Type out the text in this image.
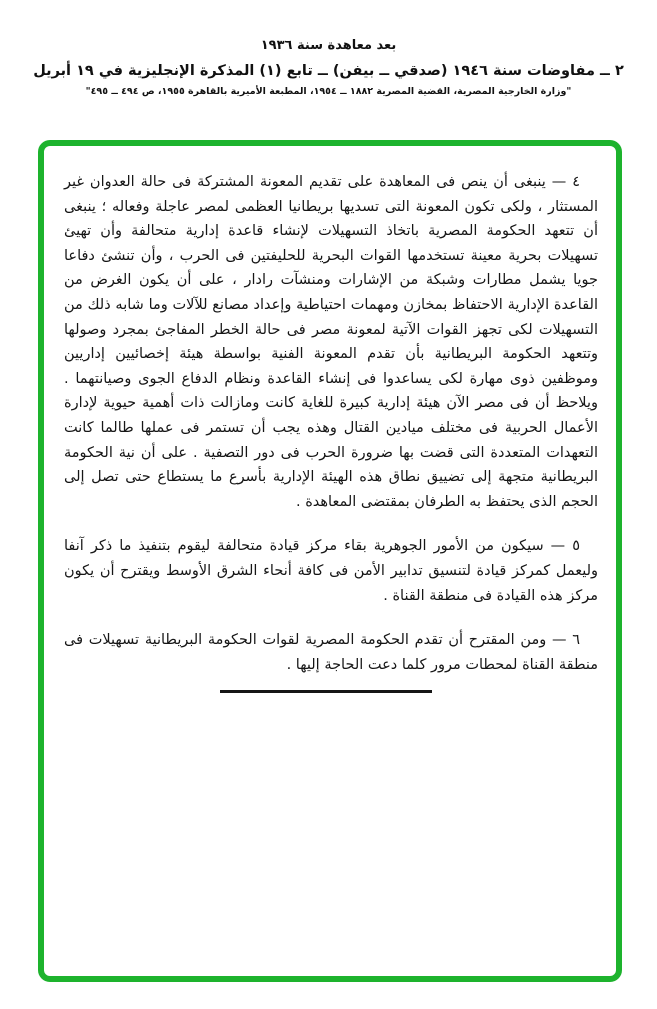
بعد معاهدة سنة ١٩٣٦

٢ ــ مفاوضات سنة ١٩٤٦ (صدقي ــ بيفن) ــ تابع (١) المذكرة الإنجليزية في ١٩ أبريل

"وزارة الخارجية المصرية، القضية المصرية ١٨٨٢ ــ ١٩٥٤، المطبعة الأميرية بالقاهرة ١٩٥٥، ص ٤٩٤ ــ ٤٩٥"

٤ — ينبغى أن ينص فى المعاهدة على تقديم المعونة المشتركة فى حالة العدوان غير المستثار ، ولكى تكون المعونة التى تسديها بريطانيا العظمى لمصر عاجلة وفعاله ؛ ينبغى أن تتعهد الحكومة المصرية باتخاذ التسهيلات لإنشاء قاعدة إدارية متحالفة وأن تهيئ تسهيلات بحرية معينة تستخدمها القوات البحرية للحليفتين فى الحرب ، وأن تنشئ دفاعا جويا يشمل مطارات وشبكة من الإشارات ومنشآت رادار ، على أن يكون الغرض من القاعدة الإدارية الاحتفاظ بمخازن ومهمات احتياطية وإعداد مصانع للآلات وما شابه ذلك من التسهيلات لكى تجهز القوات الآتية لمعونة مصر فى حالة الخطر المفاجئ بمجرد وصولها وتتعهد الحكومة البريطانية بأن تقدم المعونة الفنية بواسطة هيئة إخصائيين إداريين وموظفين ذوى مهارة لكى يساعدوا فى إنشاء القاعدة ونظام الدفاع الجوى وصيانتهما . ويلاحظ أن فى مصر الآن هيئة إدارية كبيرة للغاية كانت ومازالت ذات أهمية حيوية لإدارة الأعمال الحربية فى مختلف ميادين القتال وهذه يجب أن تستمر فى عملها طالما كانت التعهدات المتعددة التى قضت بها ضرورة الحرب فى دور التصفية . على أن نية الحكومة البريطانية متجهة إلى تضييق نطاق هذه الهيئة الإدارية بأسرع ما يستطاع حتى تصل إلى الحجم الذى يحتفظ به الطرفان بمقتضى المعاهدة .

٥ — سيكون من الأمور الجوهرية بقاء مركز قيادة متحالفة ليقوم بتنفيذ ما ذكر آنفا وليعمل كمركز قيادة لتنسيق تدابير الأمن فى كافة أنحاء الشرق الأوسط ويقترح أن يكون مركز هذه القيادة فى منطقة القناة .

٦ — ومن المقترح أن تقدم الحكومة المصرية لقوات الحكومة البريطانية تسهيلات فى منطقة القناة لمحطات مرور كلما دعت الحاجة إليها .
